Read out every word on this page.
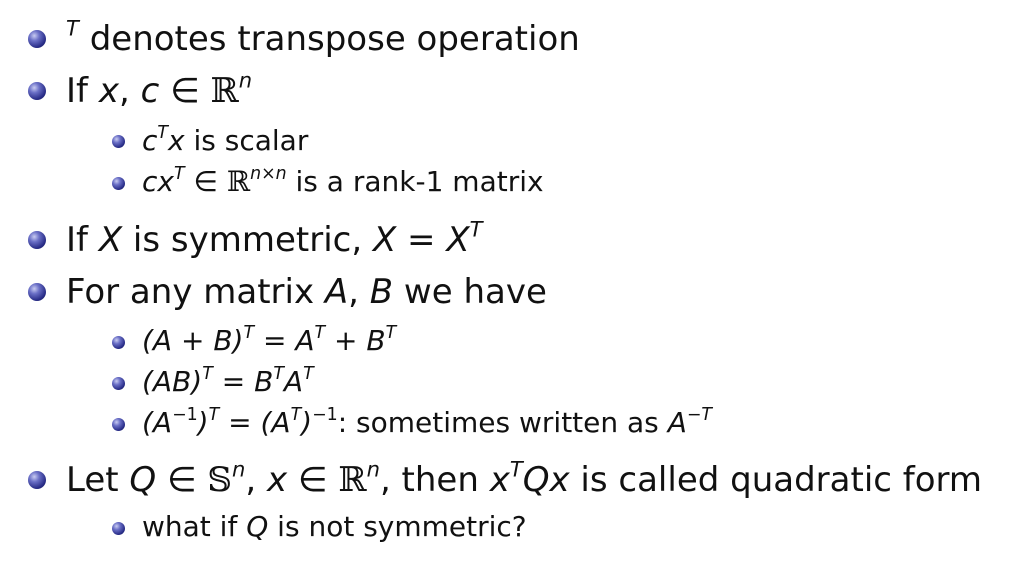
$^T$ denotes transpose operation
If x, c ∈ ℝ$^n$
$c^Tx$ is scalar
$cx^T$ ∈ ℝ$^{n\times n}$ is a rank-1 matrix
If X is symmetric, $X = X^T$
For any matrix A, B we have
$(A + B)^T = A^T + B^T$
$(AB)^T = B^TA^T$
$(A^{-1})^T = (A^T)^{-1}$: sometimes written as $A^{-T}$
Let Q ∈ 𝕊$^n$, x ∈ ℝ$^n$, then $x^TQx$ is called quadratic form
what if Q is not symmetric?
